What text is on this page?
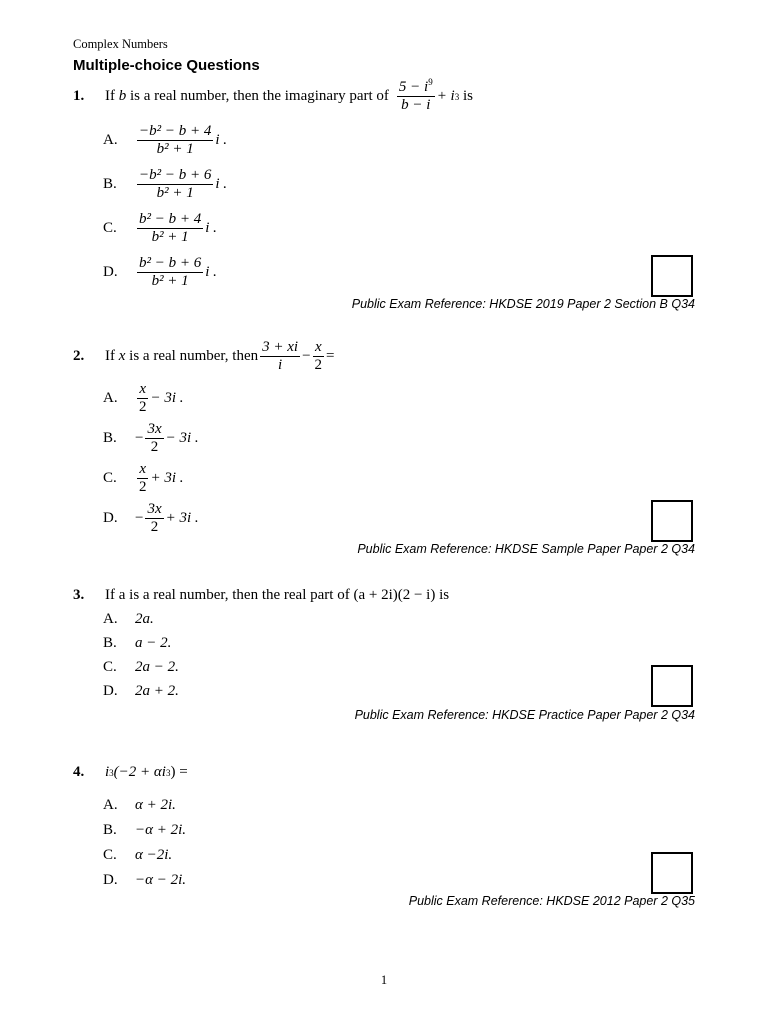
Complex Numbers
Multiple-choice Questions
1.	If
b
is a real number, then the imaginary part of $\frac{5 - i^9}{b - i} + i$ 3
is
A.	$\frac{\text{−b² − b + 4}}{\text{b² + 1}}$ i .
B.	$\frac{\text{−b² − b + 6}}{\text{b² + 1}}$ i .
C.	$\frac{\text{b² − b + 4}}{\text{b² + 1}}$ i .
D.	$\frac{\text{b² − b + 6}}{\text{b² + 1}}$ i .
Public Exam Reference: HKDSE 2019 Paper 2 Section B Q34
2.	If
x
is a real number, then $\frac{3 + xi}{i} - \frac{x}{2}$ =
A.	$\frac{x}{2} - 3i$ .
B.	− $\frac{3x}{2} - 3i$ .
C.	$\frac{x}{2} + 3i$ .
D.	− $\frac{3x}{2} + 3i$ .
Public Exam Reference: HKDSE Sample Paper Paper 2 Q34
3.	If a is a real number, then the real part of (a + 2i)(2 − i) is
A.	2a.
B.	a − 2.
C.	2a − 2.
D.	2a + 2.
Public Exam Reference: HKDSE Practice Paper Paper 2 Q34
4.	i 3 (−2 + αi 3 ) =
A.	α + 2i.
B.	−α + 2i.
C.	α −2i.
D.	−α − 2i.
Public Exam Reference: HKDSE 2012 Paper 2 Q35
1
